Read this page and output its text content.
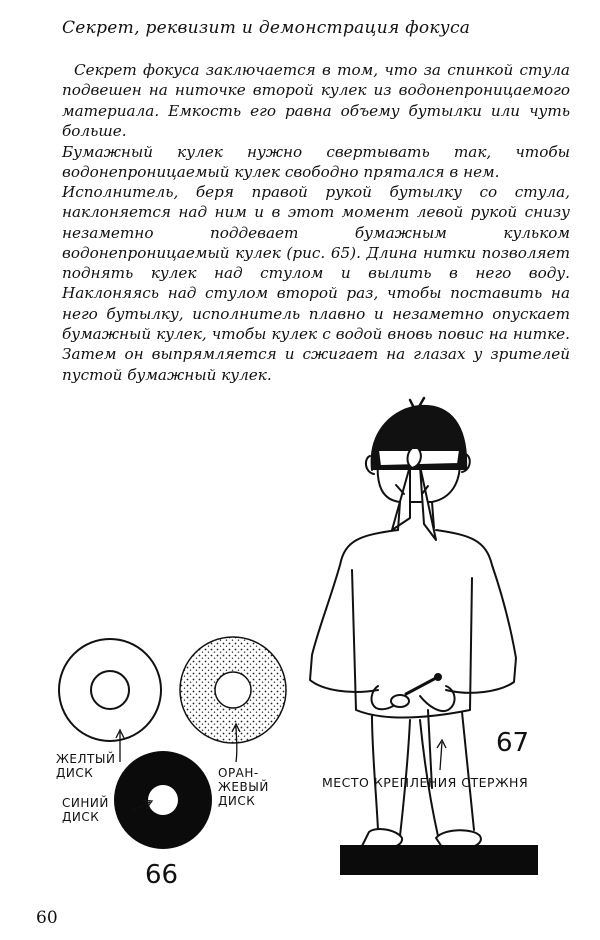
Секрет, реквизит и демонстрация фокуса

Секрет фокуса заключается в том, что за спинкой стула подвешен на ниточке второй кулек из водонепроницаемого материала. Емкость его равна объему бутылки или чуть больше.

Бумажный кулек нужно свертывать так, чтобы водонепроницаемый кулек свободно прятался в нем.

Исполнитель, беря правой рукой бутылку со стула, наклоняется над ним и в этот момент левой рукой снизу незаметно поддевает бумажным кульком водонепроницаемый кулек (рис. 65). Длина нитки позволяет поднять кулек над стулом и вылить в него воду. Наклоняясь над стулом второй раз, чтобы поставить на него бутылку, исполнитель плавно и незаметно опускает бумажный кулек, чтобы кулек с водой вновь повис на нитке. Затем он выпрямляется и сжигает на глазах у зрителей пустой бумажный кулек.

ЖЕЛТЫЙ ДИСК
СИНИЙ ДИСК
ОРАН-ЖЕВЫЙ ДИСК
66
МЕСТО КРЕПЛЕНИЯ СТЕРЖНЯ
67
60
